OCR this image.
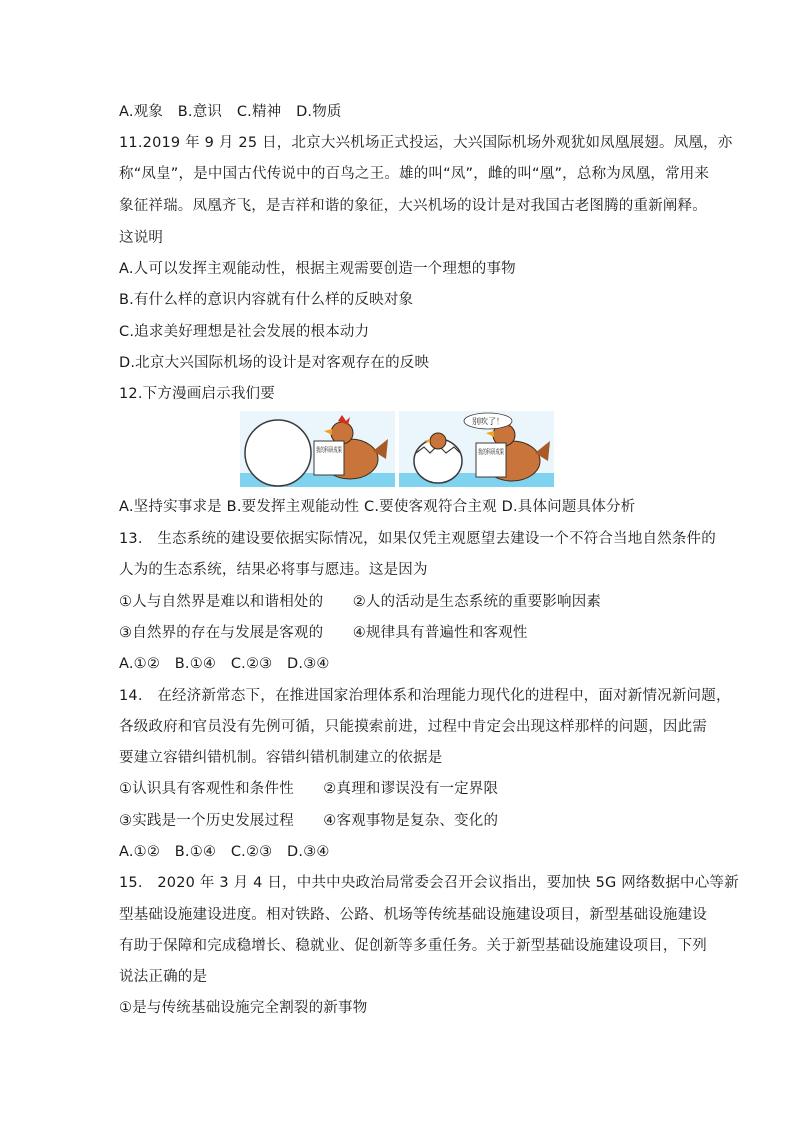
A.观象　B.意识　C.精神　D.物质
11.2019 年 9 月 25 日，北京大兴机场正式投运，大兴国际机场外观犹如凤凰展翅。凤凰，亦
称“凤皇”，是中国古代传说中的百鸟之王。雄的叫“凤”，雌的叫“凰”，总称为凤凰，常用来
象征祥瑞。凤凰齐飞，是吉祥和谐的象征，大兴机场的设计是对我国古老图腾的重新阐释。
这说明
A.人可以发挥主观能动性，根据主观需要创造一个理想的事物
B.有什么样的意识内容就有什么样的反映对象
C.追求美好理想是社会发展的根本动力
D.北京大兴国际机场的设计是对客观存在的反映
12.下方漫画启示我们要
我的科研成果	我的科研成果
别吹了！
A.坚持实事求是 B.要发挥主观能动性 C.要使客观符合主观 D.具体问题具体分析
13.　生态系统的建设要依据实际情况，如果仅凭主观愿望去建设一个不符合当地自然条件的
人为的生态系统，结果必将事与愿违。这是因为
①人与自然界是难以和谐相处的　　②人的活动是生态系统的重要影响因素
③自然界的存在与发展是客观的　　④规律具有普遍性和客观性
A.①②　B.①④　C.②③　D.③④
14.　在经济新常态下，在推进国家治理体系和治理能力现代化的进程中，面对新情况新问题，
各级政府和官员没有先例可循，只能摸索前进，过程中肯定会出现这样那样的问题，因此需
要建立容错纠错机制。容错纠错机制建立的依据是
①认识具有客观性和条件性　　②真理和谬误没有一定界限
③实践是一个历史发展过程　　④客观事物是复杂、变化的
A.①②　B.①④　C.②③　D.③④
15.　2020 年 3 月 4 日，中共中央政治局常委会召开会议指出，要加快 5G 网络数据中心等新
型基础设施建设进度。相对铁路、公路、机场等传统基础设施建设项目，新型基础设施建设
有助于保障和完成稳增长、稳就业、促创新等多重任务。关于新型基础设施建设项目，下列
说法正确的是
①是与传统基础设施完全割裂的新事物
